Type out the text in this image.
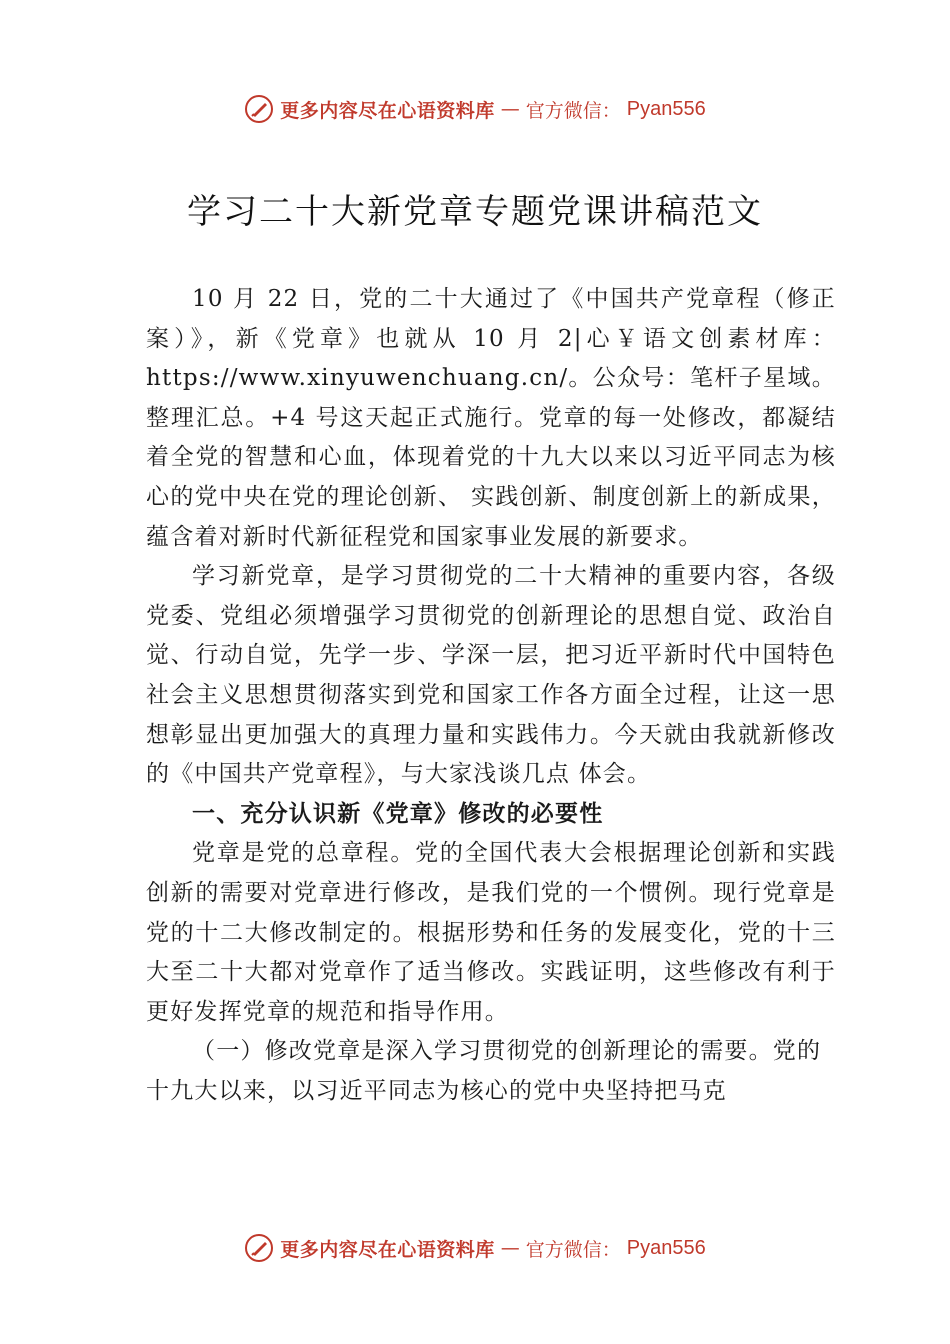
更多内容尽在心语资料库 — 官方微信： Pyan556
学习二十大新党章专题党课讲稿范文

10 月 22 日，党的二十大通过了《中国共产党章程（修正案）》，新《党章》也就从 10 月 2|心￥语文创素材库：https://www.xinyuwenchuang.cn/。公众号：笔杆子星域。整理汇总。+4 号这天起正式施行。党章的每一处修改，都凝结着全党的智慧和心血，体现着党的十九大以来以习近平同志为核心的党中央在党的理论创新、 实践创新、制度创新上的新成果，蕴含着对新时代新征程党和国家事业发展的新要求。

学习新党章，是学习贯彻党的二十大精神的重要内容，各级党委、党组必须增强学习贯彻党的创新理论的思想自觉、政治自觉、行动自觉，先学一步、学深一层，把习近平新时代中国特色社会主义思想贯彻落实到党和国家工作各方面全过程，让这一思想彰显出更加强大的真理力量和实践伟力。今天就由我就新修改的《中国共产党章程》，与大家浅谈几点 体会。

一、充分认识新《党章》修改的必要性

党章是党的总章程。党的全国代表大会根据理论创新和实践创新的需要对党章进行修改，是我们党的一个惯例。现行党章是党的十二大修改制定的。根据形势和任务的发展变化，党的十三大至二十大都对党章作了适当修改。实践证明，这些修改有利于更好发挥党章的规范和指导作用。

（一）修改党章是深入学习贯彻党的创新理论的需要。党的十九大以来，以习近平同志为核心的党中央坚持把马克

更多内容尽在心语资料库 — 官方微信： Pyan556
